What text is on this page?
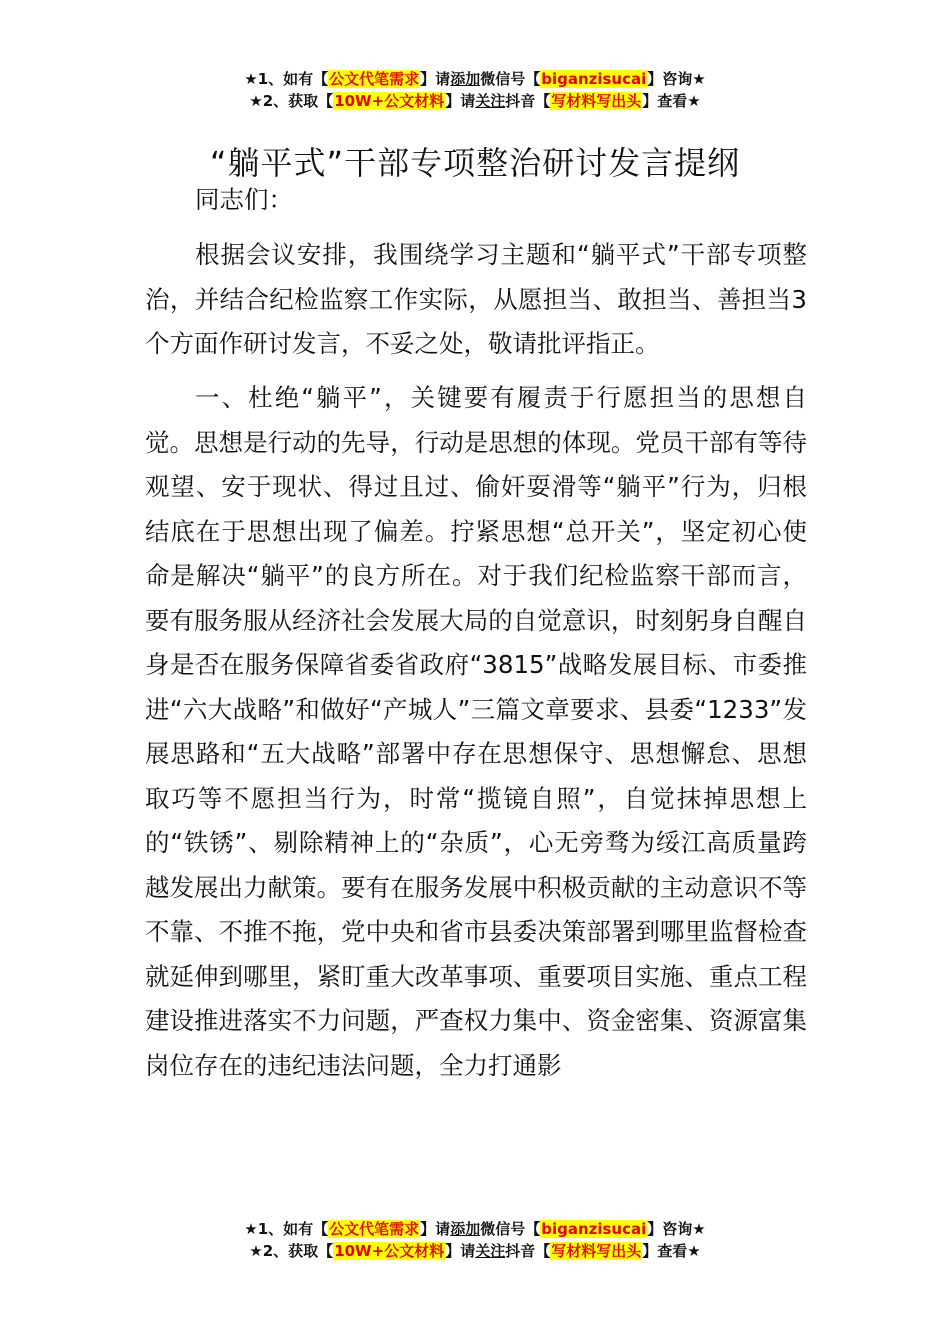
★1、如有【公文代笔需求】请添加微信号【biganzisucai】咨询★
★2、获取【10W+公文材料】请关注抖音【写材料写出头】查看★
“躺平式”干部专项整治研讨发言提纲
同志们：

根据会议安排，我围绕学习主题和“躺平式”干部专项整治，并结合纪检监察工作实际，从愿担当、敢担当、善担当3个方面作研讨发言，不妥之处，敬请批评指正。

一、杜绝“躺平”，关键要有履责于行愿担当的思想自觉。思想是行动的先导，行动是思想的体现。党员干部有等待观望、安于现状、得过且过、偷奸耍滑等“躺平”行为，归根结底在于思想出现了偏差。拧紧思想“总开关”，坚定初心使命是解决“躺平”的良方所在。对于我们纪检监察干部而言，要有服务服从经济社会发展大局的自觉意识，时刻躬身自醒自身是否在服务保障省委省政府“3815”战略发展目标、市委推进“六大战略”和做好“产城人”三篇文章要求、县委“1233”发展思路和“五大战略”部署中存在思想保守、思想懈怠、思想取巧等不愿担当行为，时常“揽镜自照”，自觉抹掉思想上的“铁锈”、剔除精神上的“杂质”，心无旁骛为绥江高质量跨越发展出力献策。要有在服务发展中积极贡献的主动意识不等不靠、不推不拖，党中央和省市县委决策部署到哪里监督检查就延伸到哪里，紧盯重大改革事项、重要项目实施、重点工程建设推进落实不力问题，严查权力集中、资金密集、资源富集岗位存在的违纪违法问题，全力打通影

★1、如有【公文代笔需求】请添加微信号【biganzisucai】咨询★
★2、获取【10W+公文材料】请关注抖音【写材料写出头】查看★
